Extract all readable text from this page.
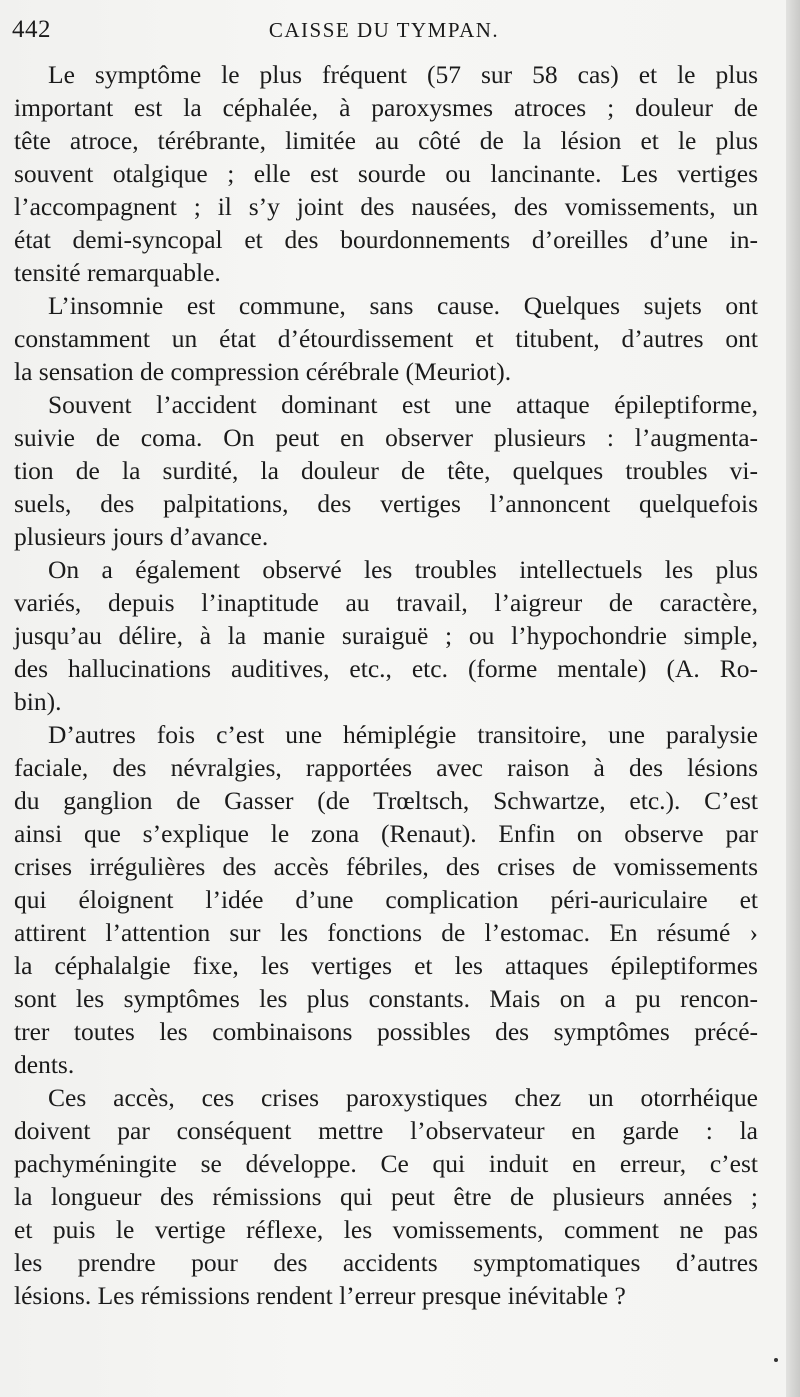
442	CAISSE DU TYMPAN.
Le symptôme le plus fréquent (57 sur 58 cas) et le plus
important est la céphalée, à paroxysmes atroces ; douleur de
tête atroce, térébrante, limitée au côté de la lésion et le plus
souvent otalgique ; elle est sourde ou lancinante. Les vertiges
l’accompagnent ; il s’y joint des nausées, des vomissements, un
état demi-syncopal et des bourdonnements d’oreilles d’une in-
tensité remarquable.
L’insomnie est commune, sans cause. Quelques sujets ont
constamment un état d’étourdissement et titubent, d’autres ont
la sensation de compression cérébrale (Meuriot).
Souvent l’accident dominant est une attaque épileptiforme,
suivie de coma. On peut en observer plusieurs : l’augmenta-
tion de la surdité, la douleur de tête, quelques troubles vi-
suels, des palpitations, des vertiges l’annoncent quelquefois
plusieurs jours d’avance.
On a également observé les troubles intellectuels les plus
variés, depuis l’inaptitude au travail, l’aigreur de caractère,
jusqu’au délire, à la manie suraiguë ; ou l’hypochondrie simple,
des hallucinations auditives, etc., etc. (forme mentale) (A. Ro-
bin).
D’autres fois c’est une hémiplégie transitoire, une paralysie
faciale, des névralgies, rapportées avec raison à des lésions
du ganglion de Gasser (de Trœltsch, Schwartze, etc.). C’est
ainsi que s’explique le zona (Renaut). Enfin on observe par
crises irrégulières des accès fébriles, des crises de vomissements
qui éloignent l’idée d’une complication péri-auriculaire et
attirent l’attention sur les fonctions de l’estomac. En résumé ›
la céphalalgie fixe, les vertiges et les attaques épileptiformes
sont les symptômes les plus constants. Mais on a pu rencon-
trer toutes les combinaisons possibles des symptômes précé-
dents.
Ces accès, ces crises paroxystiques chez un otorrhéique
doivent par conséquent mettre l’observateur en garde : la
pachyméningite se développe. Ce qui induit en erreur, c’est
la longueur des rémissions qui peut être de plusieurs années ;
et puis le vertige réflexe, les vomissements, comment ne pas
les prendre pour des accidents symptomatiques d’autres
lésions. Les rémissions rendent l’erreur presque inévitable ?
